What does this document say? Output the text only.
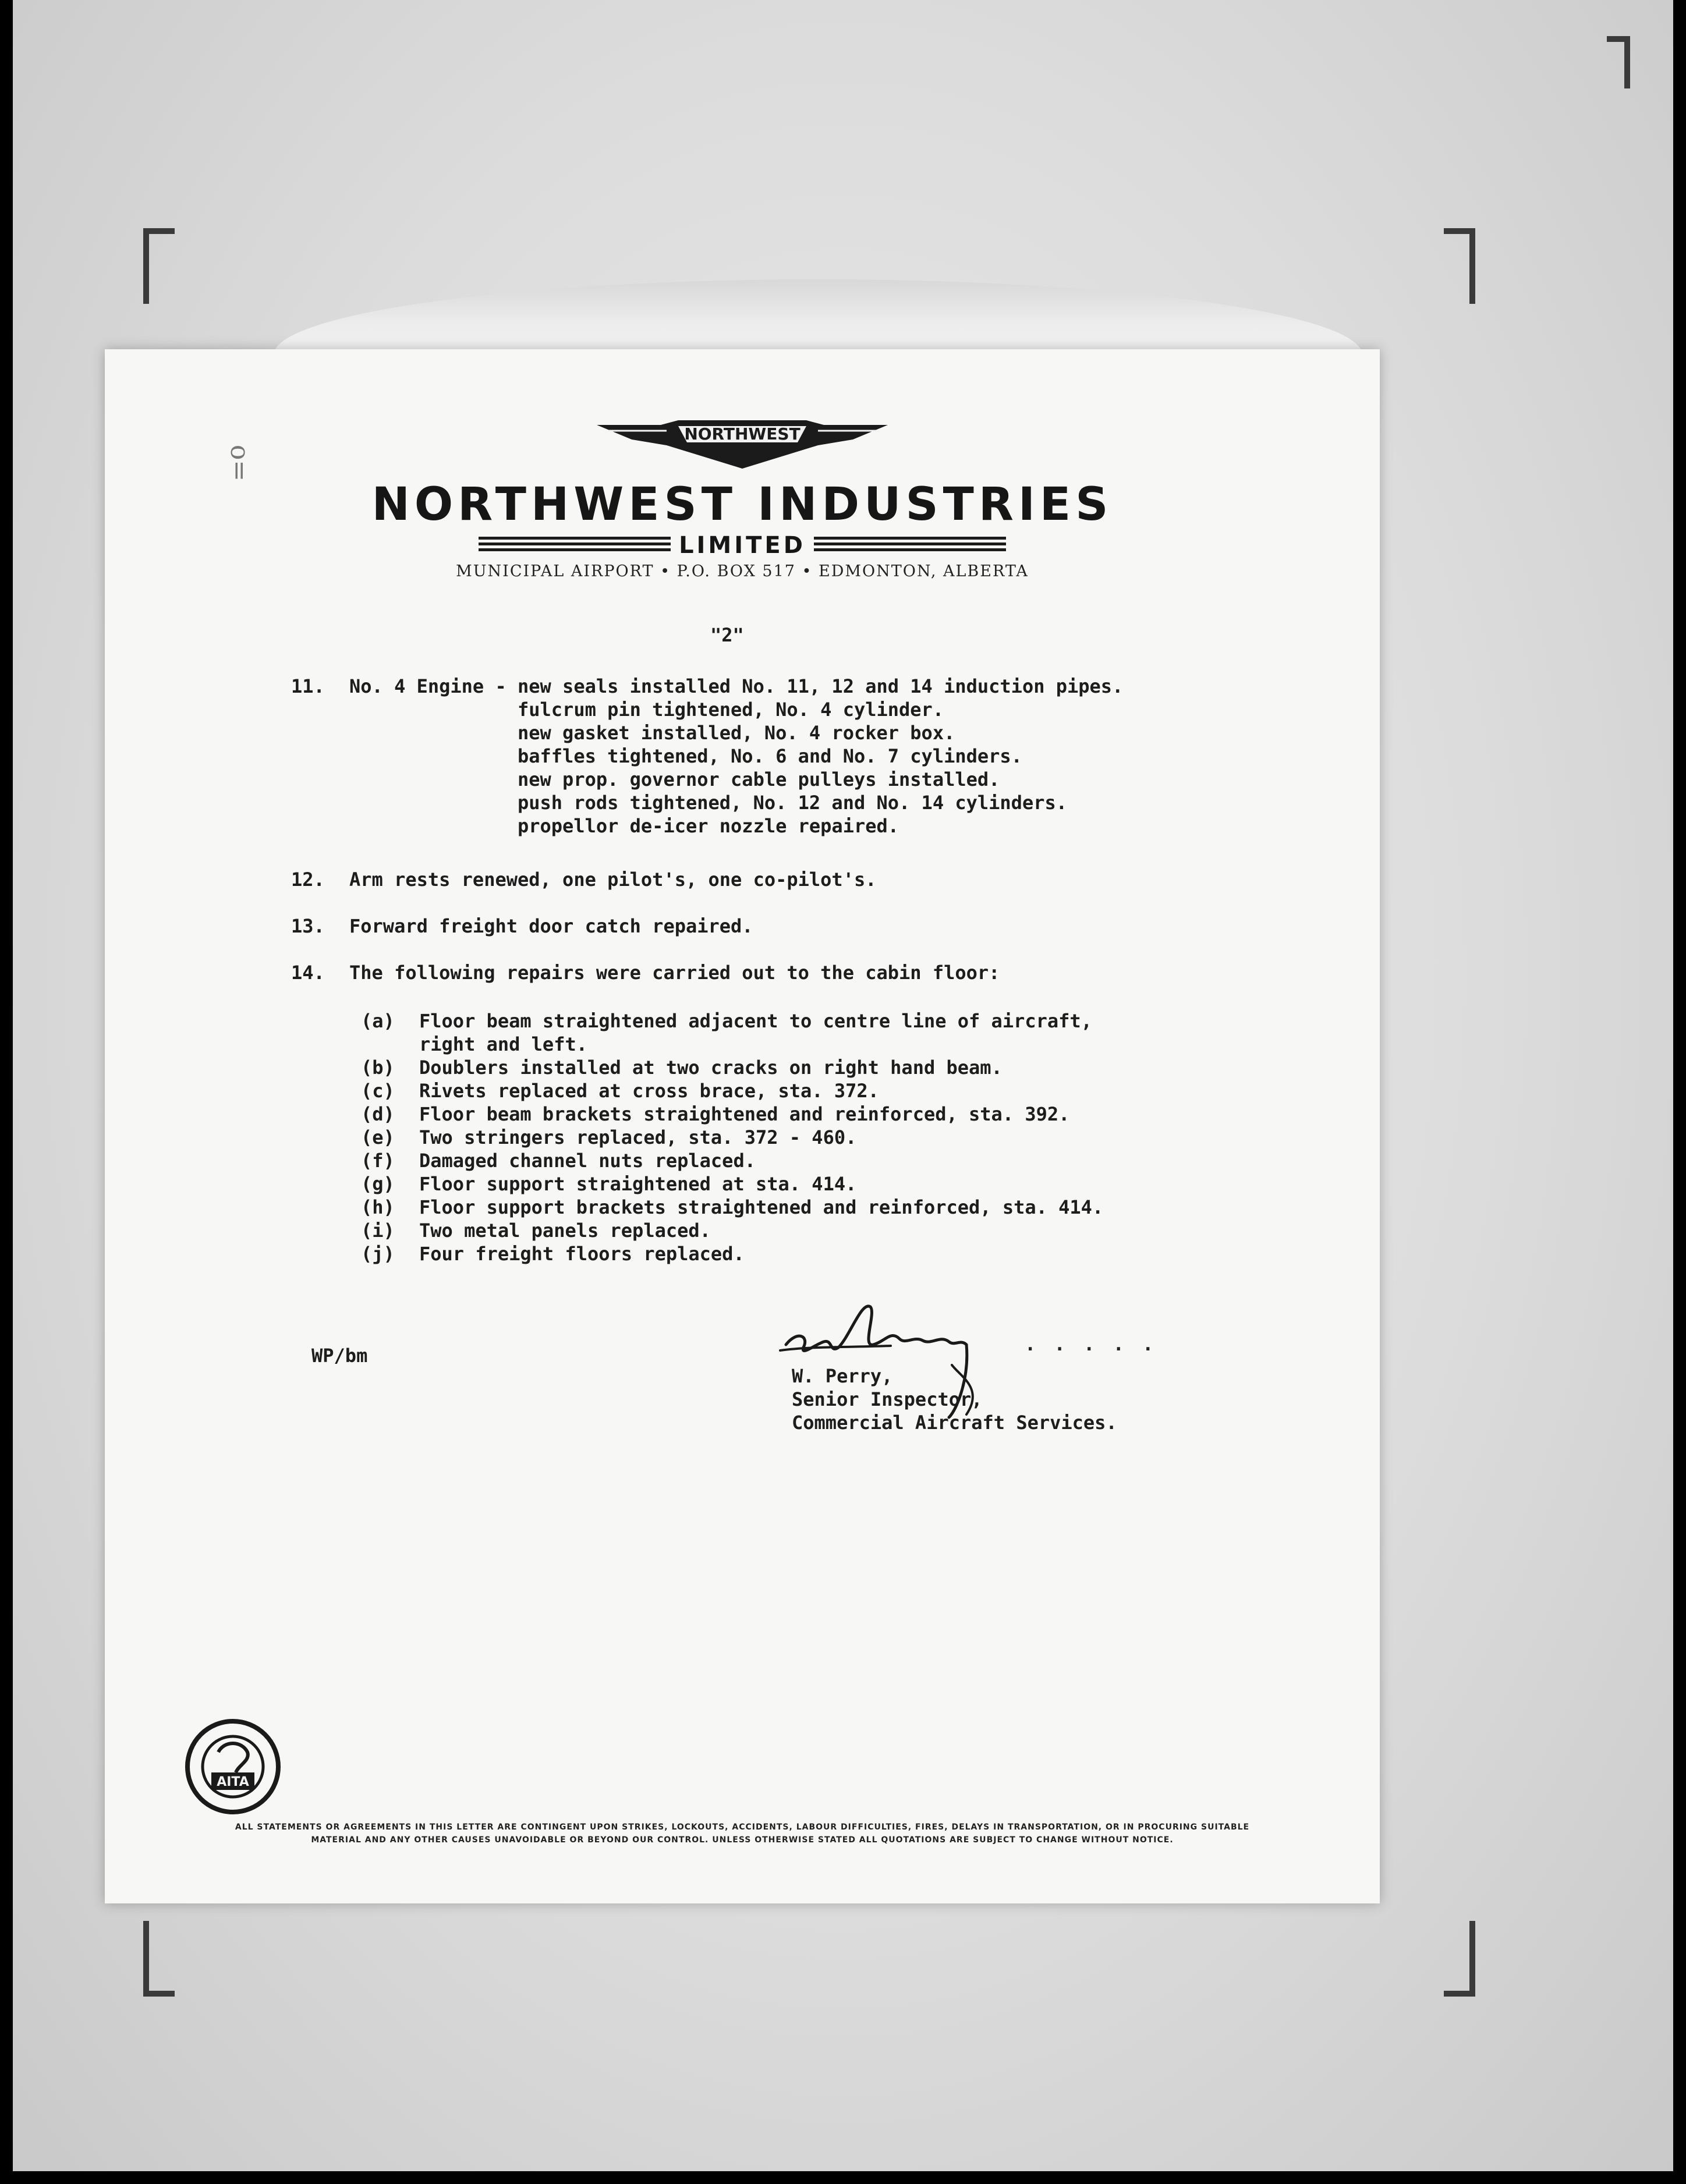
o=
NORTHWEST
NORTHWEST INDUSTRIES
LIMITED
MUNICIPAL AIRPORT • P.O. BOX 517 • EDMONTON, ALBERTA
"2"

11.

No. 4 Engine - new seals installed No. 11, 12 and 14 induction pipes.

fulcrum pin tightened, No. 4 cylinder.

new gasket installed, No. 4 rocker box.

baffles tightened, No. 6 and No. 7 cylinders.

new prop. governor cable pulleys installed.

push rods tightened, No. 12 and No. 14 cylinders.

propellor de-icer nozzle repaired.

12.

Arm rests renewed, one pilot's, one co-pilot's.

13.

Forward freight door catch repaired.

14.

The following repairs were carried out to the cabin floor:

(a)

Floor beam straightened adjacent to centre line of aircraft,

right and left.

(b)

Doublers installed at two cracks on right hand beam.

(c)

Rivets replaced at cross brace, sta. 372.

(d)

Floor beam brackets straightened and reinforced, sta. 392.

(e)

Two stringers replaced, sta. 372 - 460.

(f)

Damaged channel nuts replaced.

(g)

Floor support straightened at sta. 414.

(h)

Floor support brackets straightened and reinforced, sta. 414.

(i)

Two metal panels replaced.

(j)

Four freight floors replaced.

WP/bm
. . . . .

W. Perry,

Senior Inspector,

Commercial Aircraft Services.

AITA
ALL STATEMENTS OR AGREEMENTS IN THIS LETTER ARE CONTINGENT UPON STRIKES, LOCKOUTS, ACCIDENTS, LABOUR DIFFICULTIES, FIRES, DELAYS IN TRANSPORTATION, OR IN PROCURING SUITABLE
MATERIAL AND ANY OTHER CAUSES UNAVOIDABLE OR BEYOND OUR CONTROL. UNLESS OTHERWISE STATED ALL QUOTATIONS ARE SUBJECT TO CHANGE WITHOUT NOTICE.
